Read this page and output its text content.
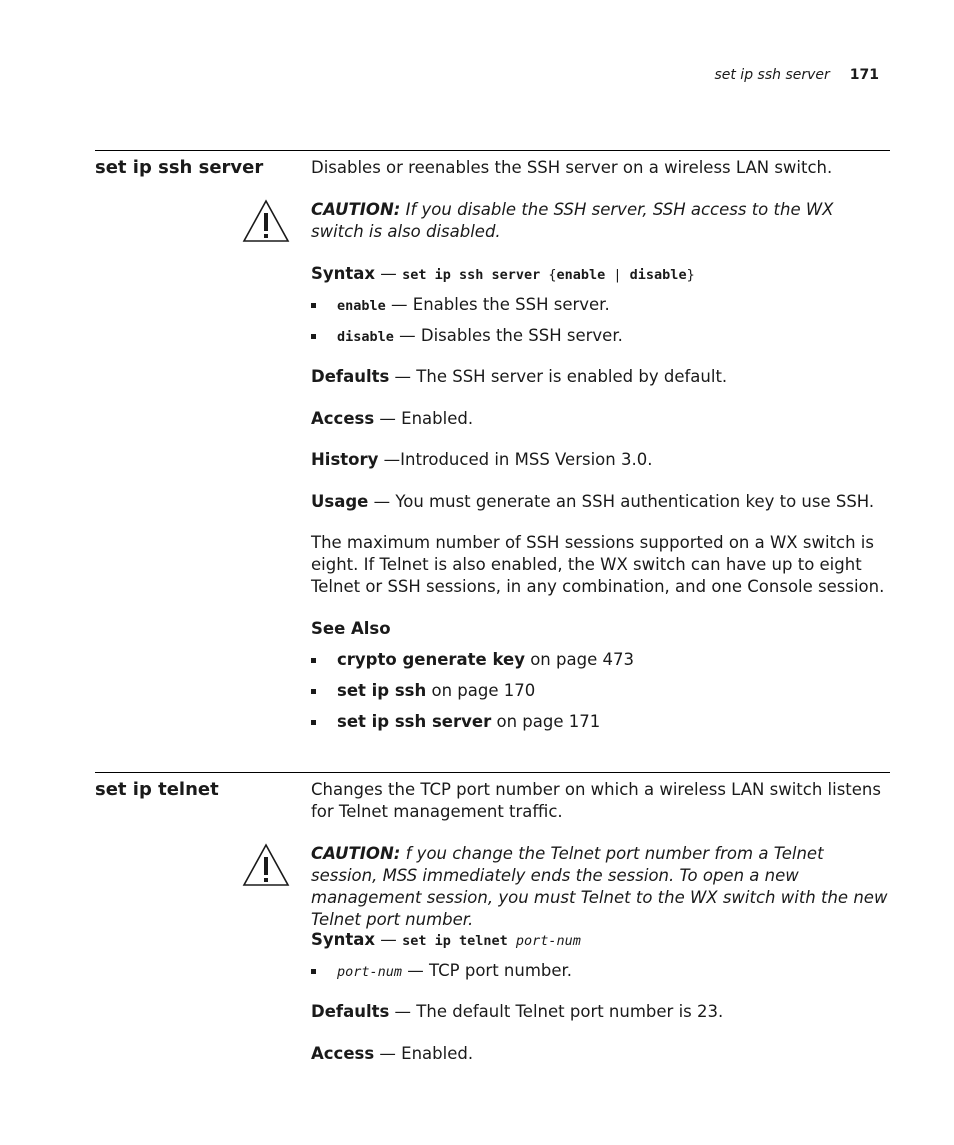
set ip ssh server 171
set ip ssh server	Disables or reenables the SSH server on a wireless LAN switch.

CAUTION: If you disable the SSH server, SSH access to the WX switch is also disabled.

Syntax — set ip ssh server {enable | disable}

enable — Enables the SSH server.
disable — Disables the SSH server.

Defaults — The SSH server is enabled by default.

Access — Enabled.

History —Introduced in MSS Version 3.0.

Usage — You must generate an SSH authentication key to use SSH.

The maximum number of SSH sessions supported on a WX switch is eight. If Telnet is also enabled, the WX switch can have up to eight Telnet or SSH sessions, in any combination, and one Console session.

See Also

crypto generate key on page 473
set ip ssh on page 170
set ip ssh server on page 171
set ip telnet	Changes the TCP port number on which a wireless LAN switch listens for Telnet management traffic.

CAUTION: f you change the Telnet port number from a Telnet session, MSS immediately ends the session. To open a new management session, you must Telnet to the WX switch with the new Telnet port number.

Syntax — set ip telnet port-num

port-num — TCP port number.

Defaults — The default Telnet port number is 23.

Access — Enabled.
